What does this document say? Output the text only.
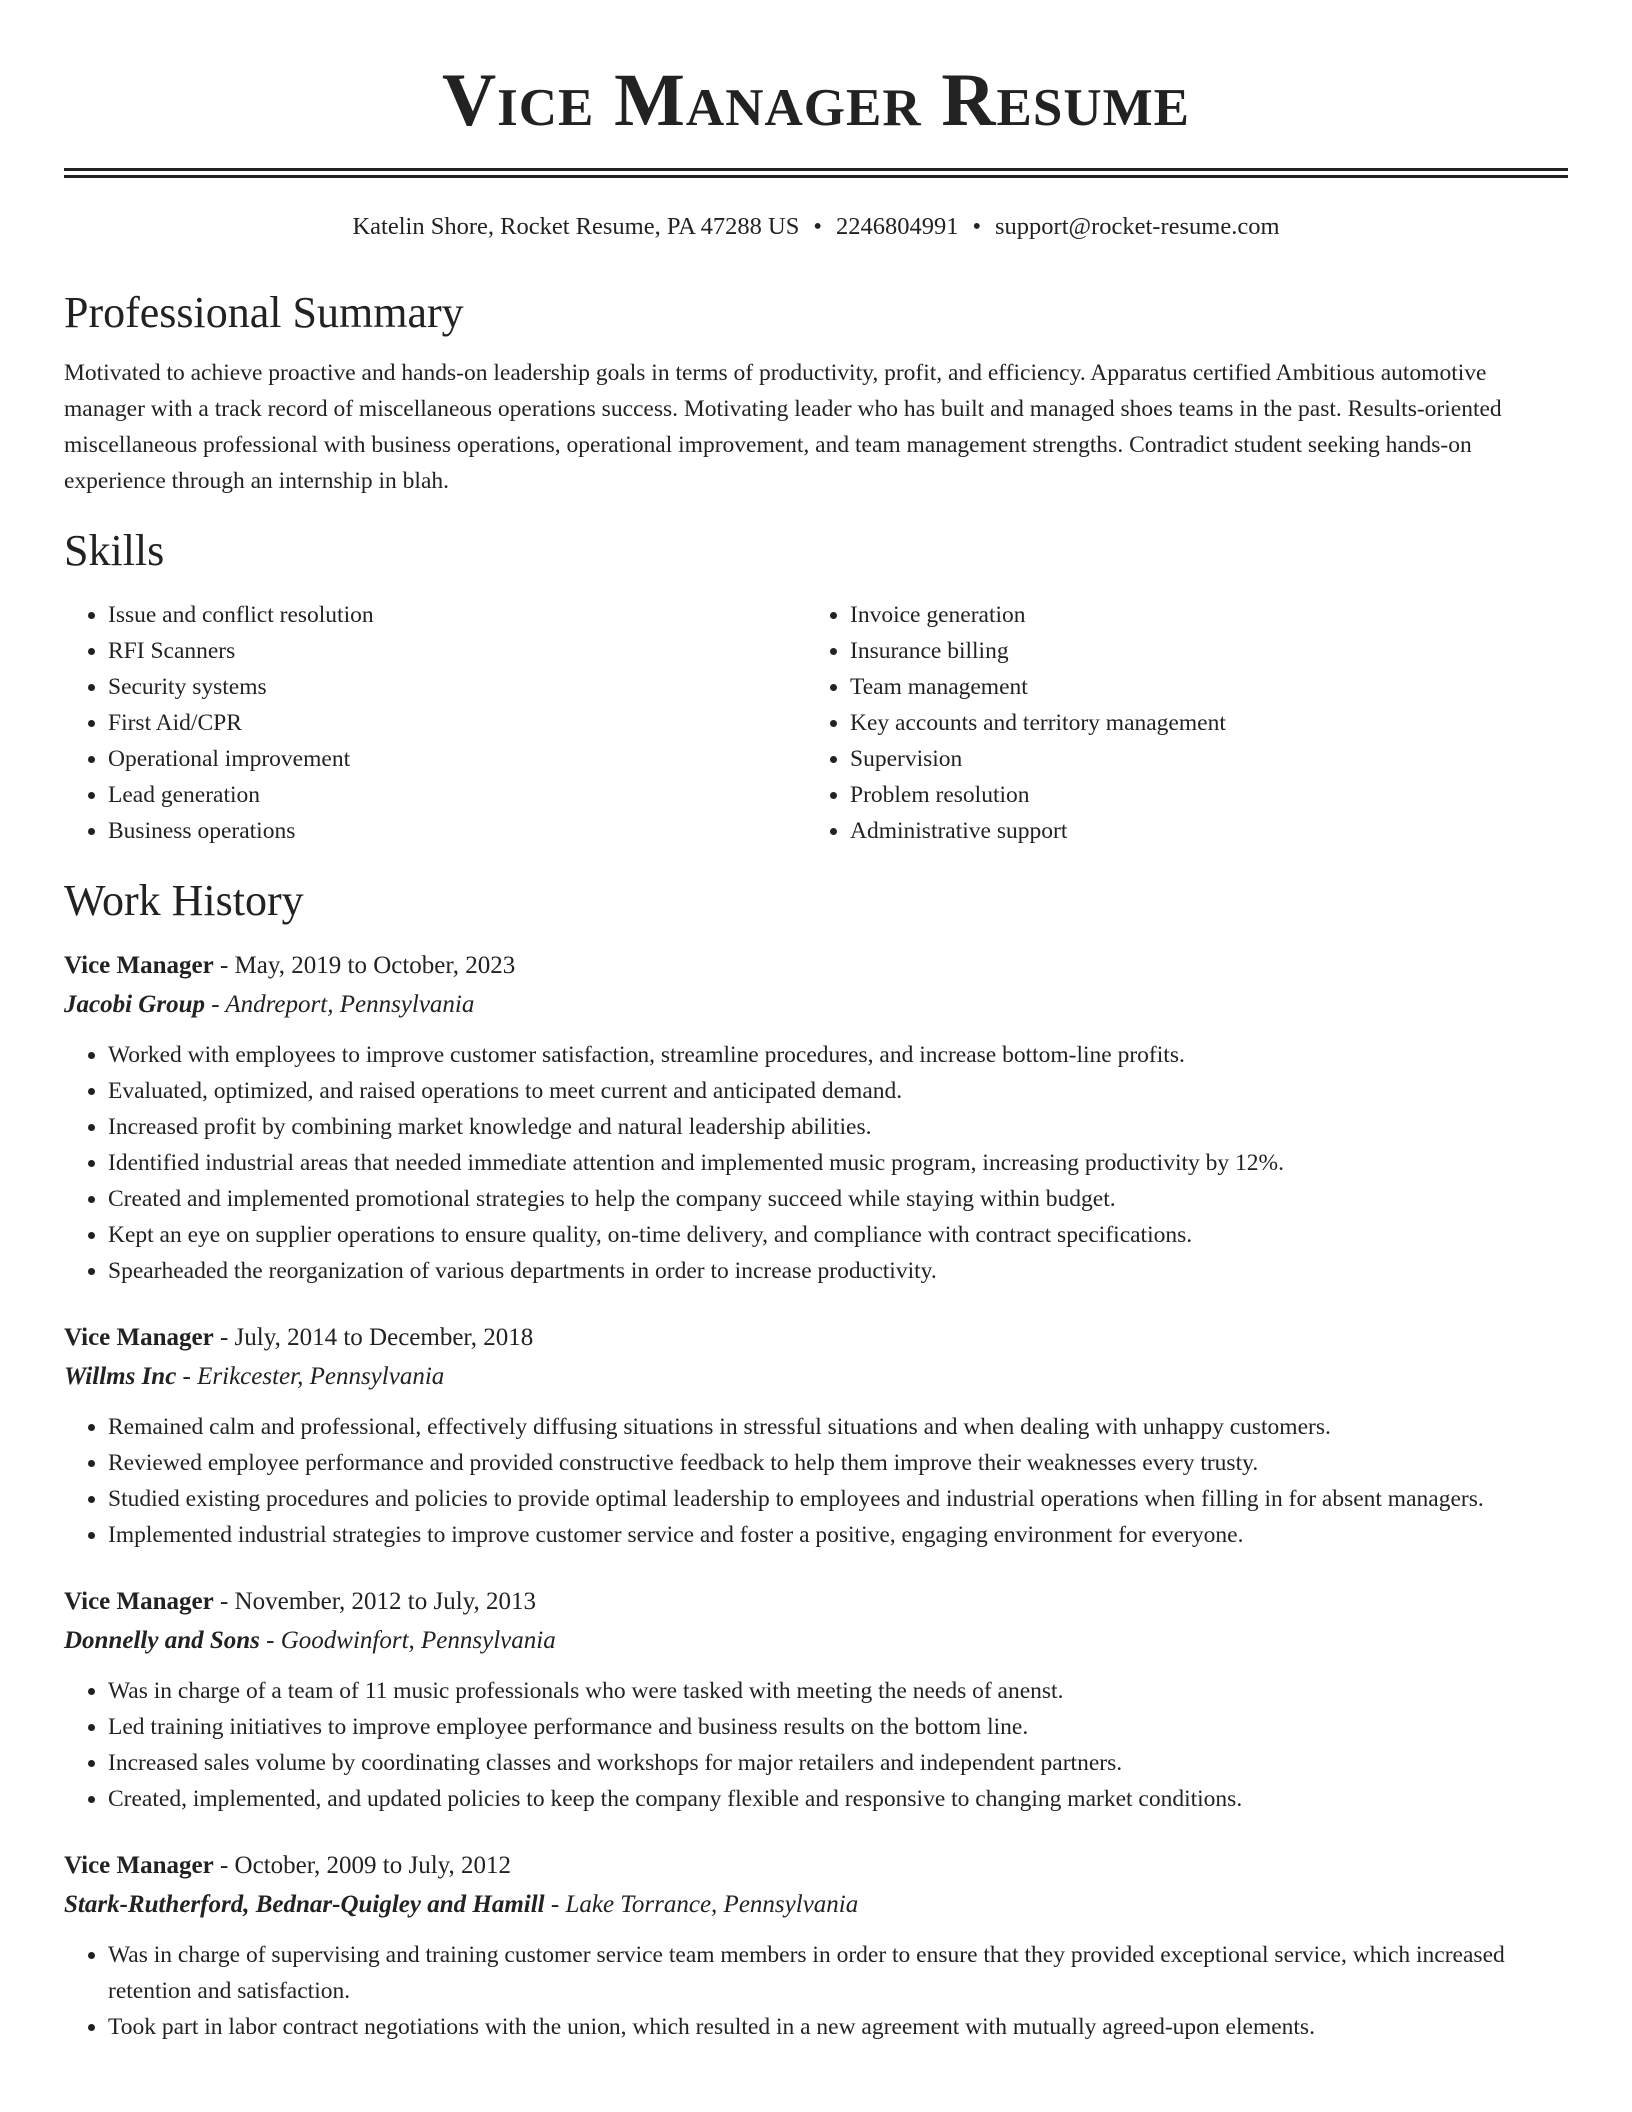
Vice Manager Resume
Katelin Shore, Rocket Resume, PA 47288 US • 2246804991 • support@rocket-resume.com
Professional Summary

Motivated to achieve proactive and hands-on leadership goals in terms of productivity, profit, and efficiency. Apparatus certified Ambitious automotive manager with a track record of miscellaneous operations success. Motivating leader who has built and managed shoes teams in the past. Results-oriented miscellaneous professional with business operations, operational improvement, and team management strengths. Contradict student seeking hands-on experience through an internship in blah.

Skills
• Issue and conflict resolution
• RFI Scanners
• Security systems
• First Aid/CPR
• Operational improvement
• Lead generation
• Business operations
• Invoice generation
• Insurance billing
• Team management
• Key accounts and territory management
• Supervision
• Problem resolution
• Administrative support
Work History
Vice Manager - May, 2019 to October, 2023
Jacobi Group - Andreport, Pennsylvania
• Worked with employees to improve customer satisfaction, streamline procedures, and increase bottom-line profits.
• Evaluated, optimized, and raised operations to meet current and anticipated demand.
• Increased profit by combining market knowledge and natural leadership abilities.
• Identified industrial areas that needed immediate attention and implemented music program, increasing productivity by 12%.
• Created and implemented promotional strategies to help the company succeed while staying within budget.
• Kept an eye on supplier operations to ensure quality, on-time delivery, and compliance with contract specifications.
• Spearheaded the reorganization of various departments in order to increase productivity.
Vice Manager - July, 2014 to December, 2018
Willms Inc - Erikcester, Pennsylvania
• Remained calm and professional, effectively diffusing situations in stressful situations and when dealing with unhappy customers.
• Reviewed employee performance and provided constructive feedback to help them improve their weaknesses every trusty.
• Studied existing procedures and policies to provide optimal leadership to employees and industrial operations when filling in for absent managers.
• Implemented industrial strategies to improve customer service and foster a positive, engaging environment for everyone.
Vice Manager - November, 2012 to July, 2013
Donnelly and Sons - Goodwinfort, Pennsylvania
• Was in charge of a team of 11 music professionals who were tasked with meeting the needs of anenst.
• Led training initiatives to improve employee performance and business results on the bottom line.
• Increased sales volume by coordinating classes and workshops for major retailers and independent partners.
• Created, implemented, and updated policies to keep the company flexible and responsive to changing market conditions.
Vice Manager - October, 2009 to July, 2012
Stark-Rutherford, Bednar-Quigley and Hamill - Lake Torrance, Pennsylvania
• Was in charge of supervising and training customer service team members in order to ensure that they provided exceptional service, which increased retention and satisfaction.
• Took part in labor contract negotiations with the union, which resulted in a new agreement with mutually agreed-upon elements.
